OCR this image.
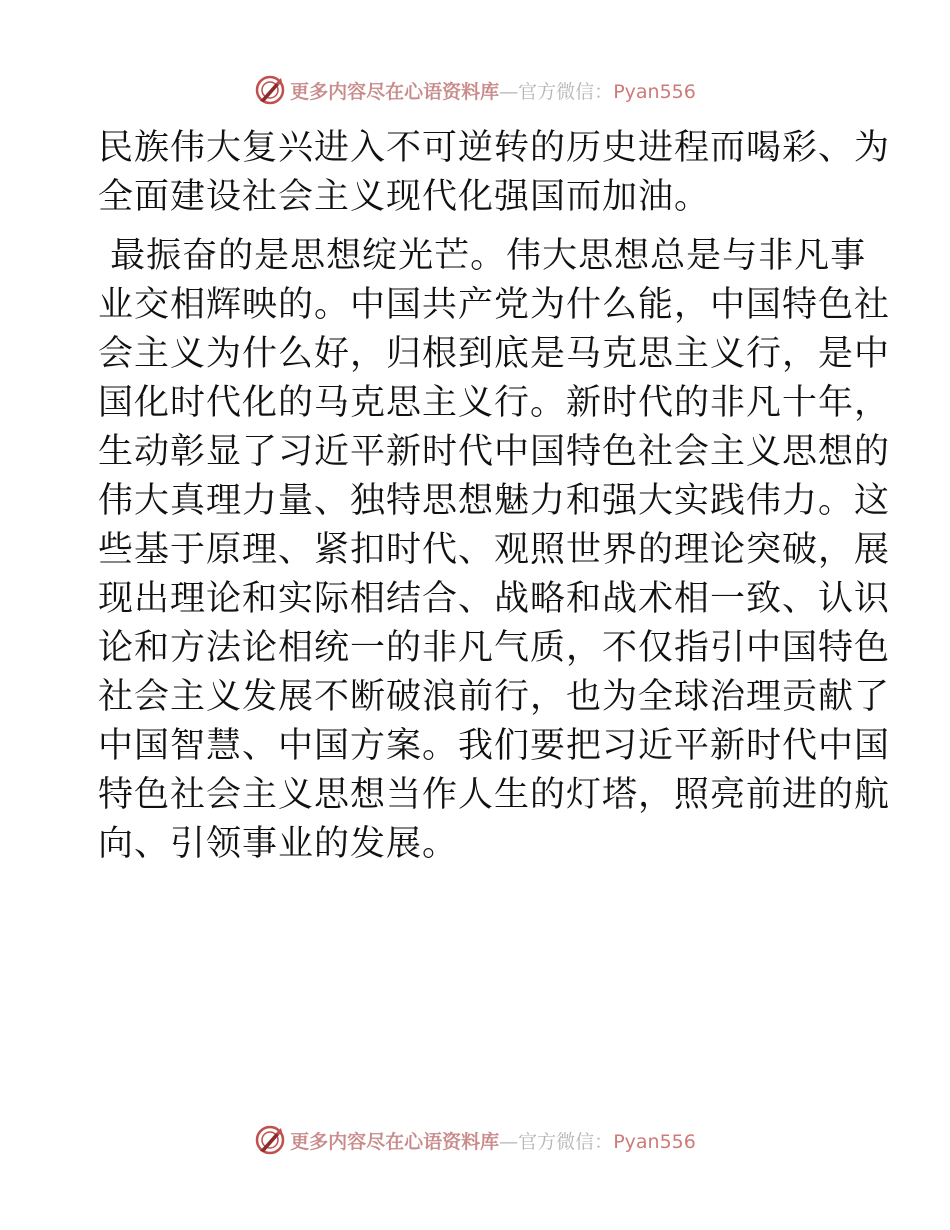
更多内容尽在心语资料库—官方微信：Pyan556

民族伟大复兴进入不可逆转的历史进程而喝彩、为
全面建设社会主义现代化强国而加油。

最振奋的是思想绽光芒。伟大思想总是与非凡事
业交相辉映的。中国共产党为什么能，中国特色社
会主义为什么好，归根到底是马克思主义行，是中
国化时代化的马克思主义行。新时代的非凡十年，
生动彰显了习近平新时代中国特色社会主义思想的
伟大真理力量、独特思想魅力和强大实践伟力。这
些基于原理、紧扣时代、观照世界的理论突破，展
现出理论和实际相结合、战略和战术相一致、认识
论和方法论相统一的非凡气质，不仅指引中国特色
社会主义发展不断破浪前行，也为全球治理贡献了
中国智慧、中国方案。我们要把习近平新时代中国
特色社会主义思想当作人生的灯塔，照亮前进的航
向、引领事业的发展。

更多内容尽在心语资料库—官方微信：Pyan556
